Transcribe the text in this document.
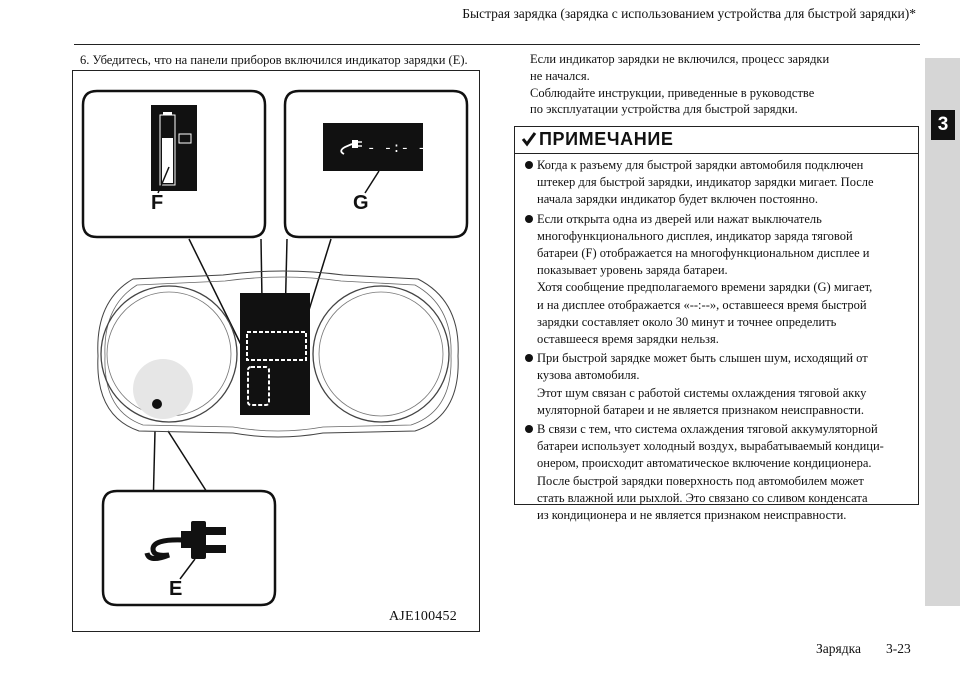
Быстрая зарядка (зарядка с использованием устройства для быстрой зарядки)*
3
6. Убедитесь, что на панели приборов включился индикатор зарядки (E).
- -:- -
F	G
E
AJE100452
Если индикатор зарядки не включился, процесс зарядки
не начался.
Соблюдайте инструкции, приведенные в руководстве
по эксплуатации устройства для быстрой зарядки.
ПРИМЕЧАНИЕ
Когда к разъему для быстрой зарядки автомобиля подключен
штекер для быстрой зарядки, индикатор зарядки мигает. После
начала зарядки индикатор будет включен постоянно.
Если открыта одна из дверей или нажат выключатель
многофункционального дисплея, индикатор заряда тяговой
батареи (F) отображается на многофункциональном дисплее и
показывает уровень заряда батареи.
Хотя сообщение предполагаемого времени зарядки (G) мигает,
и на дисплее отображается «--:--», оставшееся время быстрой
зарядки составляет около 30 минут и точнее определить
оставшееся время зарядки нельзя.
При быстрой зарядке может быть слышен шум, исходящий от
кузова автомобиля.
Этот шум связан с работой системы охлаждения тяговой акку
муляторной батареи и не является признаком неисправности.
В связи с тем, что система охлаждения тяговой аккумуляторной
батареи использует холодный воздух, вырабатываемый кондици-
онером, происходит автоматическое включение кондиционера.
После быстрой зарядки поверхность под автомобилем может
стать влажной или рыхлой. Это связано со сливом конденсата
из кондиционера и не является признаком неисправности.
Зарядка 3-23
